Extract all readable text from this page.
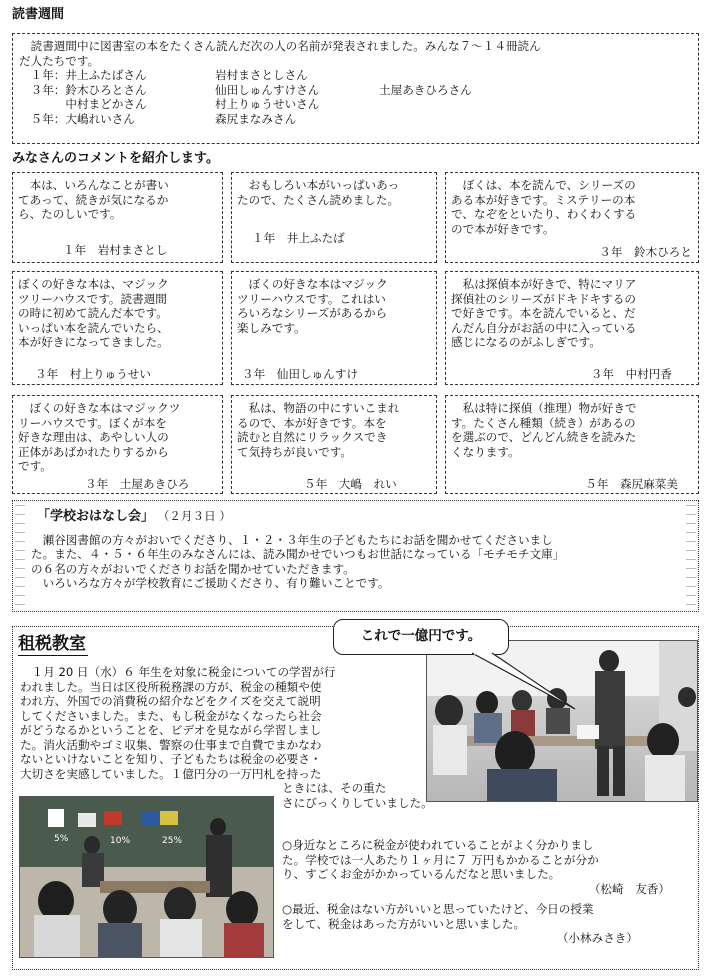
読書週間
　読書週間中に図書室の本をたくさん読んだ次の人の名前が発表されました。みんな７～１４冊読ん
だ人たちです。
　１年：井上ふたばさん	岩村まさとしさん
　３年：鈴木ひろとさん	仙田しゅんすけさん	土屋あきひろさん
　　　　中村まどかさん	村上りゅうせいさん
　５年：大嶋れいさん	森尻まなみさん
みなさんのコメントを紹介します。
　本は、いろんなことが書い
てあって、続きが気になるか
ら、たのしいです。
１年　岩村まさとし
　おもしろい本がいっぱいあっ
たので、たくさん読めました。
１年　井上ふたば
　ぼくは、本を読んで、シリーズの
ある本が好きです。ミステリーの本
で、なぞをといたり、わくわくする
ので本が好きです。
３年　鈴木ひろと
ぼくの好きな本は、マジック
ツリーハウスです。読書週間
の時に初めて読んだ本です。
いっぱい本を読んでいたら、
本が好きになってきました。
３年　村上りゅうせい
　ぼくの好きな本はマジック
ツリーハウスです。これはい
ろいろなシリーズがあるから
楽しみです。
３年　仙田しゅんすけ
　私は探偵本が好きで、特にマリア
探偵社のシリーズがドキドキするの
で好きです。本を読んでいると、だ
んだん自分がお話の中に入っている
感じになるのがふしぎです。
３年　中村円香
　ぼくの好きな本はマジックツ
リーハウスです。ぼくが本を
好きな理由は、あやしい人の
正体があばかれたりするから
です。
３年　土屋あきひろ
　私は、物語の中にすいこまれ
るので、本が好きです。本を
読むと自然にリラックスでき
て気持ちが良いです。
５年　大嶋　れい
　私は特に探偵（推理）物が好きで
す。たくさん種類（続き）があるの
を選ぶので、どんどん続きを読みた
くなります。
５年　森尻麻菜美
「学校おはなし会」 （２月３日 ）
　瀬谷図書館の方々がおいでくださり、１・２・３年生の子どもたちにお話を聞かせてくださいまし
た。また、４・５・６年生のみなさんには、読み聞かせでいつもお世話になっている「モチモチ文庫」
の６名の方々がおいでくださりお話を聞かせていただきます。
　いろいろな方々が学校教育にご援助くださり、有り難いことです。
租税教室	これで一億円です。
　１月 20 日（水）６ 年生を対象に税金についての学習が行
われました。当日は区役所税務課の方が、税金の種類や使
われ方、外国での消費税の紹介などをクイズを交えて説明
してくださいました。また、もし税金がなくなったら社会
がどうなるかということを、ビデオを見ながら学習しまし
た。消火活動やゴミ収集、警察の仕事まで自費でまかなわ
ないといけないことを知り、子どもたちは税金の必要さ・
大切さを実感していました。１億円分の一万円札を持った
ときには、その重た
さにびっくりしていました。
5%	10%	25%	○身近なところに税金が使われていることがよく分かりまし
た。学校では一人あたり１ヶ月に７ 万円もかかることが分か
り、すごくお金がかかっているんだなと思いました。
（松崎　友香）
○最近、税金はない方がいいと思っていたけど、今日の授業
をして、税金はあった方がいいと思いました。
（小林みさき）
